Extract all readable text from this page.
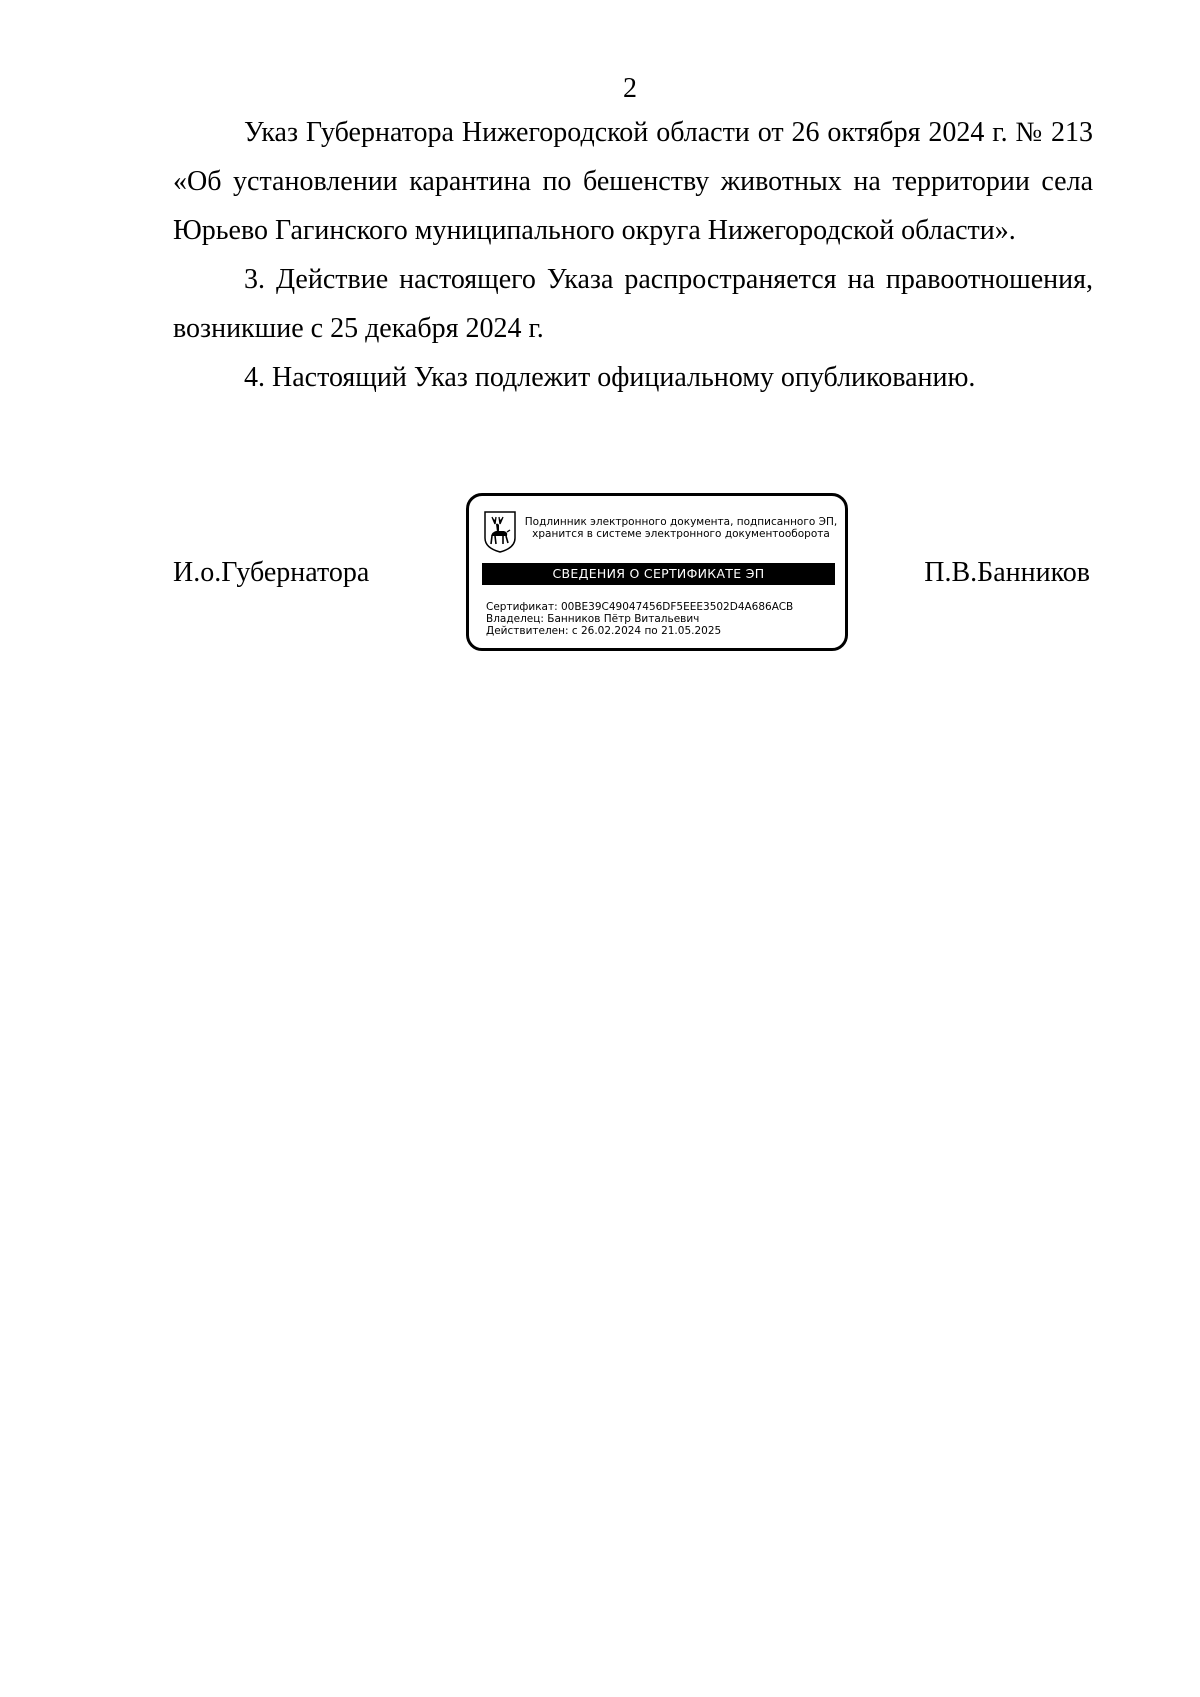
2

Указ Губернатора Нижегородской области от 26 октября 2024 г. № 213 «Об установлении карантина по бешенству животных на территории села Юрьево Гагинского муниципального округа Нижегородской области».

3. Действие настоящего Указа распространяется на правоотношения, возникшие с 25 декабря 2024 г.

4. Настоящий Указ подлежит официальному опубликованию.

И.о.Губернатора	П.В.Банников
Подлинник электронного документа, подписанного ЭП,
хранится в системе электронного документооборота
СВЕДЕНИЯ О СЕРТИФИКАТЕ ЭП
Сертификат: 00BE39C49047456DF5EEE3502D4A686ACB
Владелец: Банников Пётр Витальевич
Действителен: с 26.02.2024 по 21.05.2025
